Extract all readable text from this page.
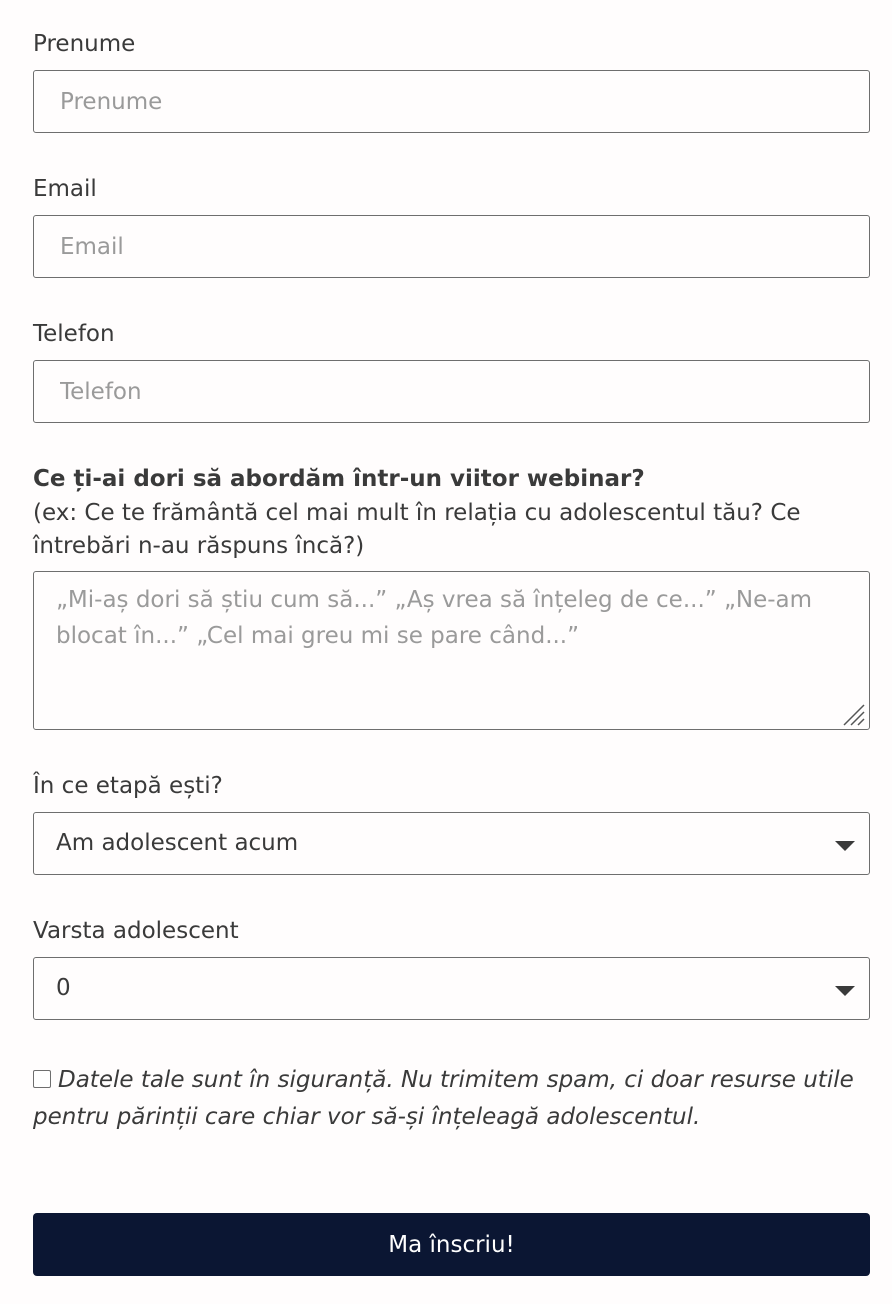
Prenume
Prenume
Email
Email
Telefon
Telefon
Ce ți-ai dori să abordăm într-un viitor webinar?
(ex: Ce te frământă cel mai mult în relația cu adolescentul tău? Ce întrebări n-au răspuns încă?)
„Mi-aș dori să știu cum să...” „Aș vrea să înțeleg de ce...” „Ne-am blocat în...” „Cel mai greu mi se pare când...”
În ce etapă ești?
Am adolescent acum
Varsta adolescent
0
Datele tale sunt în siguranță. Nu trimitem spam, ci doar resurse utile pentru părinții care chiar vor să-și înțeleagă adolescentul.
Ma înscriu!
